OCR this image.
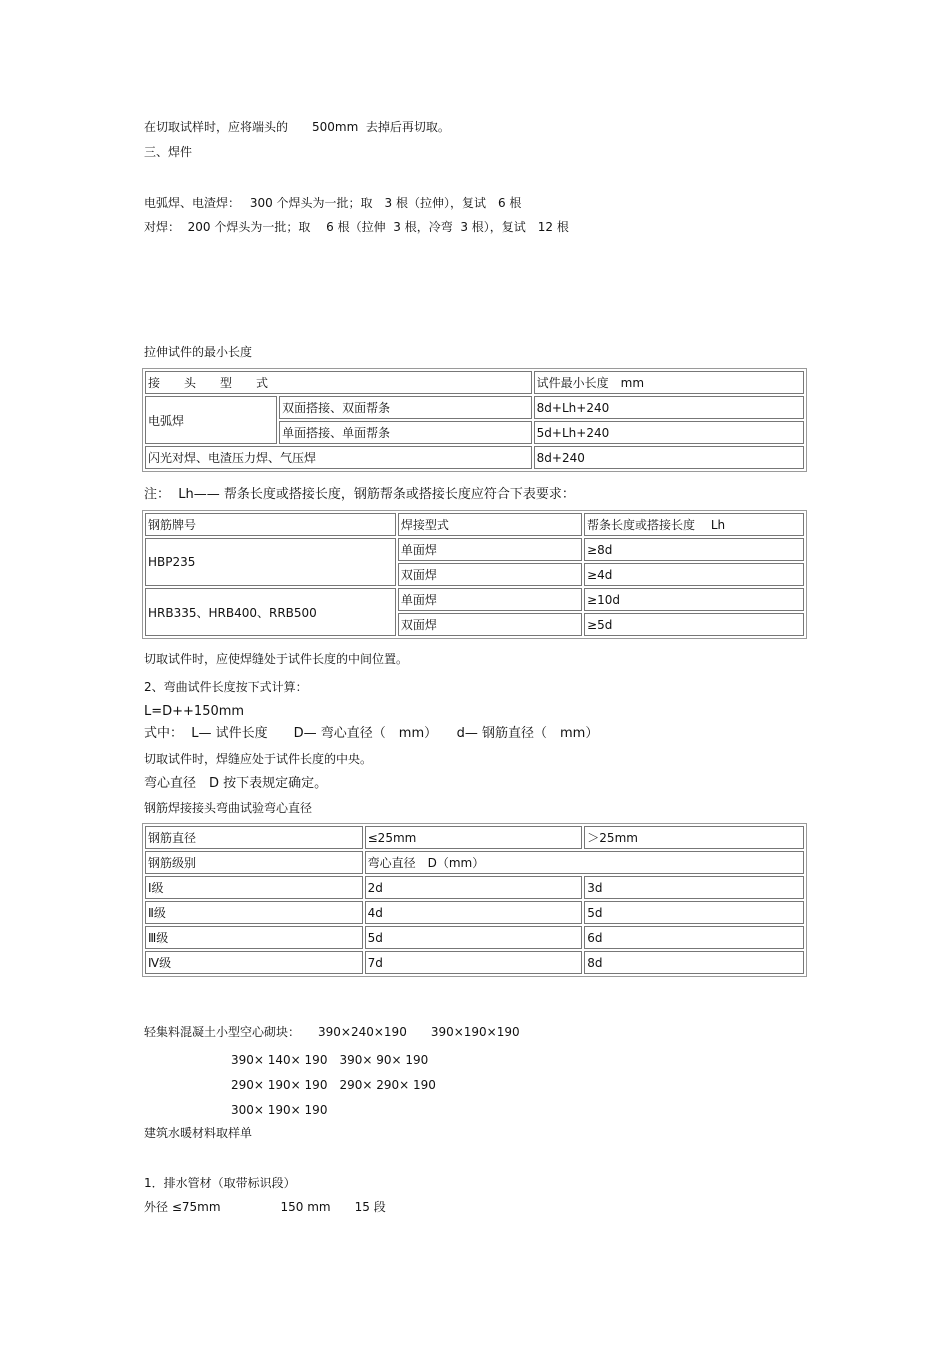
在切取试样时，应将端头的　　500mm  去掉后再切取。
三、焊件
电弧焊、电渣焊：　 300 个焊头为一批；取　3 根（拉伸），复试　6 根
对焊：  200 个焊头为一批；取　 6 根（拉伸  3 根，冷弯  3 根），复试　12 根
拉伸试件的最小长度
接　　头　　型　　式		试件最小长度　mm
电弧焊	双面搭接、双面帮条	8d+Lh+240
	单面搭接、单面帮条	5d+Lh+240
闪光对焊、电渣压力焊、气压焊		8d+240
注：  Lh—— 帮条长度或搭接长度，钢筋帮条或搭接长度应符合下表要求：
钢筋牌号	焊接型式	帮条长度或搭接长度　 Lh
HBP235	单面焊	≥8d
	双面焊	≥4d
HRB335、HRB400、RRB500	单面焊	≥10d
	双面焊	≥5d
切取试件时，应使焊缝处于试件长度的中间位置。
2、弯曲试件长度按下式计算：
L=D++150mm
式中：  L— 试件长度　　D— 弯心直径（　mm）　　d— 钢筋直径（　mm）
切取试件时，焊缝应处于试件长度的中央。
弯心直径　D 按下表规定确定。
钢筋焊接接头弯曲试验弯心直径
钢筋直径	≤25mm	＞25mm
钢筋级别	弯心直径　D（mm）	
Ⅰ级	2d	3d
Ⅱ级	4d	5d
Ⅲ级	5d	6d
Ⅳ级	7d	8d
轻集料混凝土小型空心砌块：　　390×240×190　　390×190×190
390× 140× 190　390× 90× 190
290× 190× 190　290× 290× 190
300× 190× 190
建筑水暖材料取样单
1．排水管材（取带标识段）
外径 ≤75mm　　　　　150 mm　　15 段
